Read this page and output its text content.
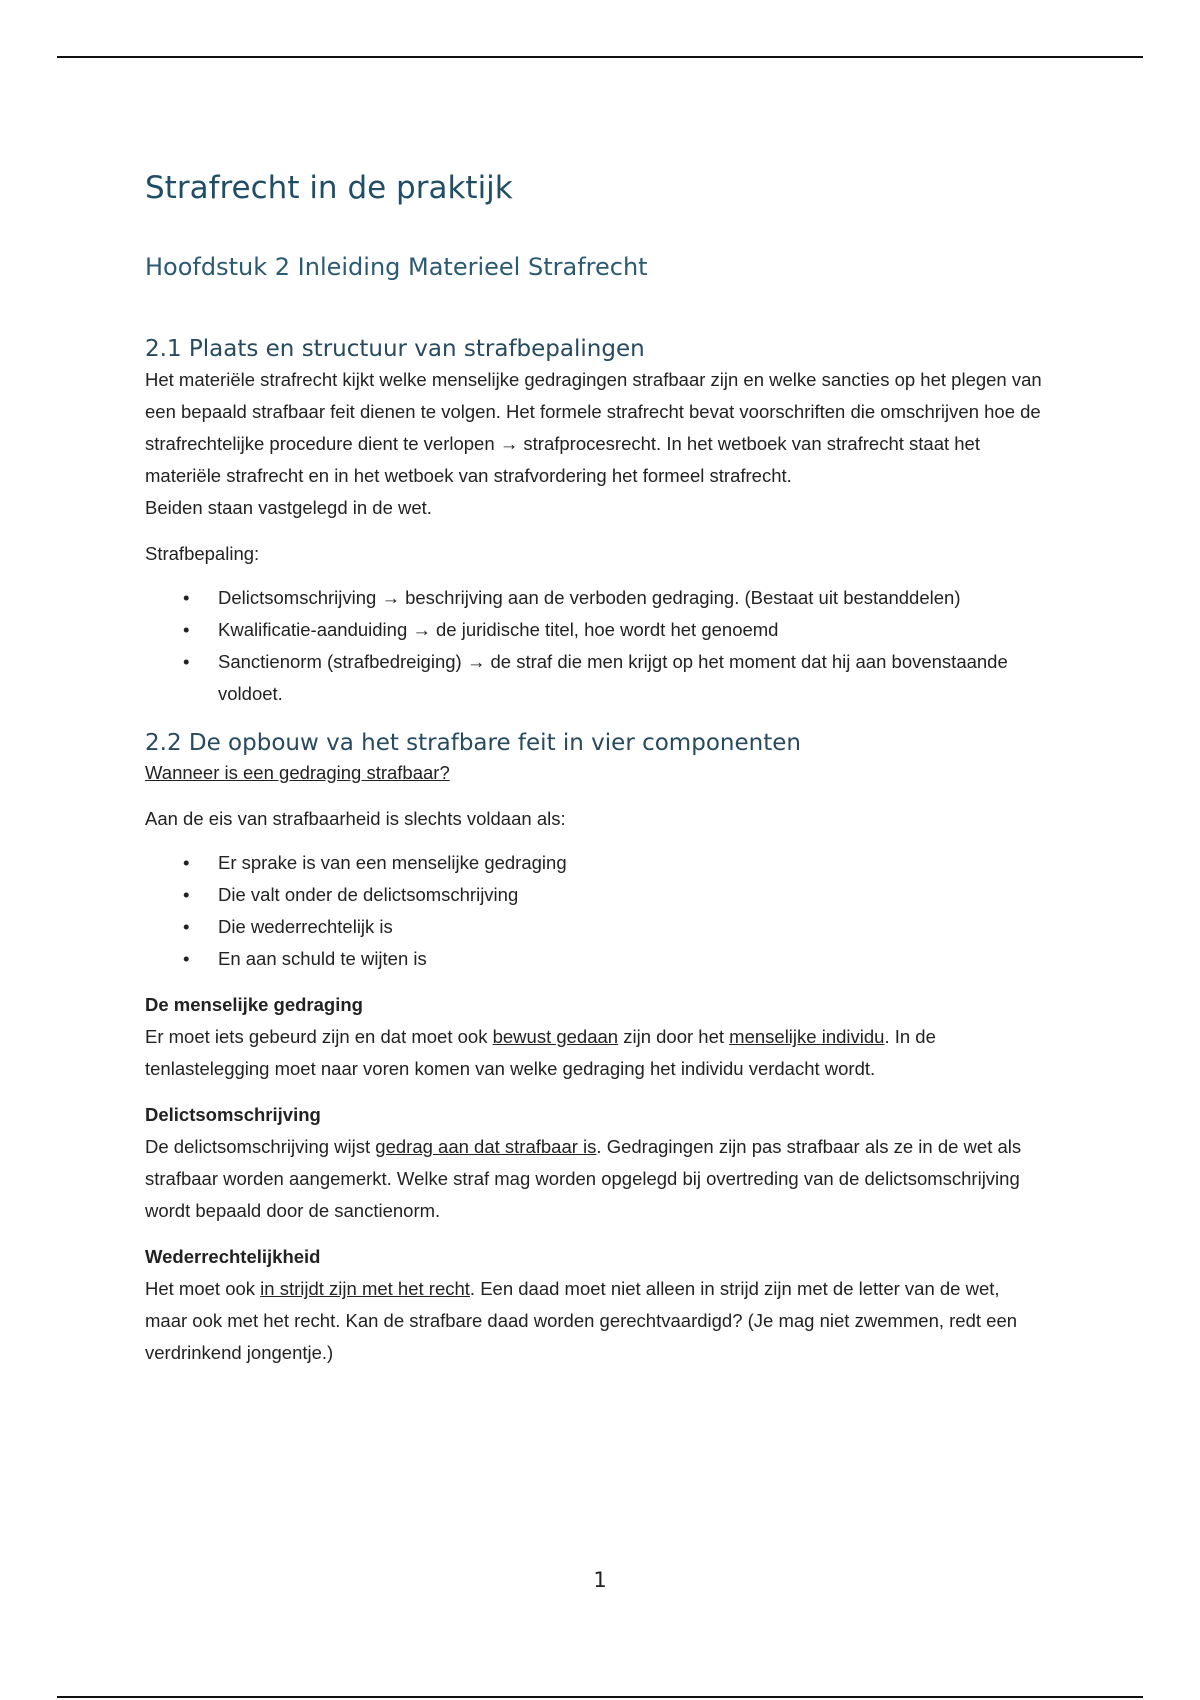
Strafrecht in de praktijk
Hoofdstuk 2 Inleiding Materieel Strafrecht
2.1 Plaats en structuur van strafbepalingen

Het materiële strafrecht kijkt welke menselijke gedragingen strafbaar zijn en welke sancties op het plegen van een bepaald strafbaar feit dienen te volgen. Het formele strafrecht bevat voorschriften die omschrijven hoe de strafrechtelijke procedure dient te verlopen → strafprocesrecht. In het wetboek van strafrecht staat het materiële strafrecht en in het wetboek van strafvordering het formeel strafrecht.

Beiden staan vastgelegd in de wet.

Strafbepaling:

• Delictsomschrijving → beschrijving aan de verboden gedraging. (Bestaat uit bestanddelen)
• Kwalificatie-aanduiding → de juridische titel, hoe wordt het genoemd
• Sanctienorm (strafbedreiging) → de straf die men krijgt op het moment dat hij aan bovenstaande voldoet.
2.2 De opbouw va het strafbare feit in vier componenten

Wanneer is een gedraging strafbaar?

Aan de eis van strafbaarheid is slechts voldaan als:

• Er sprake is van een menselijke gedraging
• Die valt onder de delictsomschrijving
• Die wederrechtelijk is
• En aan schuld te wijten is

De menselijke gedraging

Er moet iets gebeurd zijn en dat moet ook bewust gedaan zijn door het menselijke individu. In de tenlastelegging moet naar voren komen van welke gedraging het individu verdacht wordt.

Delictsomschrijving

De delictsomschrijving wijst gedrag aan dat strafbaar is. Gedragingen zijn pas strafbaar als ze in de wet als strafbaar worden aangemerkt. Welke straf mag worden opgelegd bij overtreding van de delictsomschrijving wordt bepaald door de sanctienorm.

Wederrechtelijkheid

Het moet ook in strijdt zijn met het recht. Een daad moet niet alleen in strijd zijn met de letter van de wet, maar ook met het recht. Kan de strafbare daad worden gerechtvaardigd? (Je mag niet zwemmen, redt een verdrinkend jongentje.)

1
